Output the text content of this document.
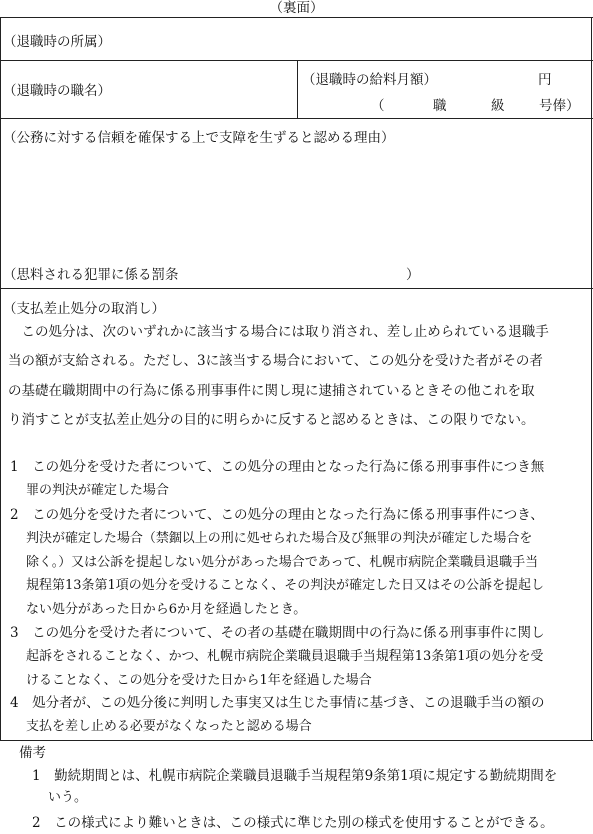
（裏面）
（退職時の所属）
（退職時の職名）
（退職時の給料月額）	円
（	職	級	号俸）
（公務に対する信頼を確保する上で支障を生ずると認める理由）
（思料される犯罪に係る罰条	）
（支払差止処分の取消し）

　この処分は、次のいずれかに該当する場合には取り消され、差し止められている退職手

当の額が支給される。ただし、3に該当する場合において、この処分を受けた者がその者

の基礎在職期間中の行為に係る刑事事件に関し現に逮捕されているときその他これを取

り消すことが支払差止処分の目的に明らかに反すると認めるときは、この限りでない。

1　この処分を受けた者について、この処分の理由となった行為に係る刑事事件につき無

罪の判決が確定した場合

2　この処分を受けた者について、この処分の理由となった行為に係る刑事事件につき、

判決が確定した場合（禁錮以上の刑に処せられた場合及び無罪の判決が確定した場合を

除く。）又は公訴を提起しない処分があった場合であって、札幌市病院企業職員退職手当

規程第13条第1項の処分を受けることなく、その判決が確定した日又はその公訴を提起し

ない処分があった日から6か月を経過したとき。

3　この処分を受けた者について、その者の基礎在職期間中の行為に係る刑事事件に関し

起訴をされることなく、かつ、札幌市病院企業職員退職手当規程第13条第1項の処分を受

けることなく、この処分を受けた日から1年を経過した場合

4　処分者が、この処分後に判明した事実又は生じた事情に基づき、この退職手当の額の

支払を差し止める必要がなくなったと認める場合

備考

1　勤続期間とは、札幌市病院企業職員退職手当規程第9条第1項に規定する勤続期間を

いう。

2　この様式により難いときは、この様式に準じた別の様式を使用することができる。
